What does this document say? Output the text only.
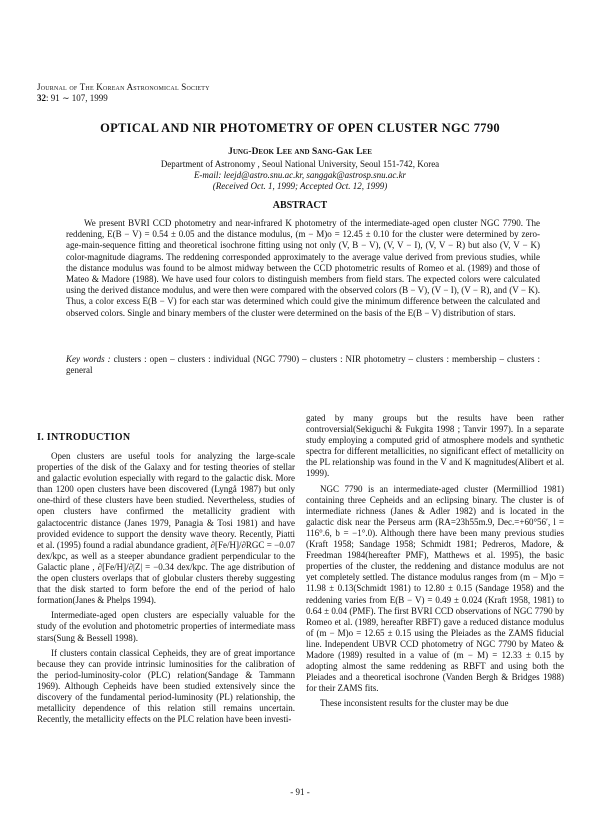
Journal of The Korean Astronomical Society
32: 91 ∼ 107, 1999
OPTICAL AND NIR PHOTOMETRY OF OPEN CLUSTER NGC 7790
Jung-Deok Lee and Sang-Gak Lee
Department of Astronomy , Seoul National University, Seoul 151-742, Korea
E-mail: leejd@astro.snu.ac.kr, sanggak@astrosp.snu.ac.kr
(Received Oct. 1, 1999; Accepted Oct. 12, 1999)
ABSTRACT

We present BVRI CCD photometry and near-infrared K photometry of the intermediate-aged open cluster NGC 7790. The reddening, E(B − V) = 0.54 ± 0.05 and the distance modulus, (m − M)o = 12.45 ± 0.10 for the cluster were determined by zero-age-main-sequence fitting and theoretical isochrone fitting using not only (V, B − V), (V, V − I), (V, V − R) but also (V, V − K) color-magnitude diagrams. The reddening corresponded approximately to the average value derived from previous studies, while the distance modulus was found to be almost midway between the CCD photometric results of Romeo et al. (1989) and those of Mateo & Madore (1988). We have used four colors to distinguish members from field stars. The expected colors were calculated using the derived distance modulus, and were then were compared with the observed colors (B − V), (V − I), (V − R), and (V − K). Thus, a color excess E(B − V) for each star was determined which could give the minimum difference between the calculated and observed colors. Single and binary members of the cluster were determined on the basis of the E(B − V) distribution of stars.

Key words : clusters : open – clusters : individual (NGC 7790) – clusters : NIR photometry – clusters : membership – clusters : general

I. INTRODUCTION

Open clusters are useful tools for analyzing the large-scale properties of the disk of the Galaxy and for testing theories of stellar and galactic evolution especially with regard to the galactic disk. More than 1200 open clusters have been discovered (Lyngå 1987) but only one-third of these clusters have been studied. Nevertheless, studies of open clusters have confirmed the metallicity gradient with galactocentric distance (Janes 1979, Panagia & Tosi 1981) and have provided evidence to support the density wave theory. Recently, Piatti et al. (1995) found a radial abundance gradient, ∂[Fe/H]/∂RGC = −0.07 dex/kpc, as well as a steeper abundance gradient perpendicular to the Galactic plane , ∂[Fe/H]/∂|Z| = −0.34 dex/kpc. The age distribution of the open clusters overlaps that of globular clusters thereby suggesting that the disk started to form before the end of the period of halo formation(Janes & Phelps 1994).

Intermediate-aged open clusters are especially valuable for the study of the evolution and photometric properties of intermediate mass stars(Sung & Bessell 1998).

If clusters contain classical Cepheids, they are of great importance because they can provide intrinsic luminosities for the calibration of the period-luminosity-color (PLC) relation(Sandage & Tammann 1969). Although Cepheids have been studied extensively since the discovery of the fundamental period-luminosity (PL) relationship, the metallicity dependence of this relation still remains uncertain. Recently, the metallicity effects on the PLC relation have been investi-

gated by many groups but the results have been rather controversial(Sekiguchi & Fukgita 1998 ; Tanvir 1997). In a separate study employing a computed grid of atmosphere models and synthetic spectra for different metallicities, no significant effect of metallicity on the PL relationship was found in the V and K magnitudes(Alibert et al. 1999).

NGC 7790 is an intermediate-aged cluster (Mermilliod 1981) containing three Cepheids and an eclipsing binary. The cluster is of intermediate richness (Janes & Adler 1982) and is located in the galactic disk near the Perseus arm (RA=23h55m.9, Dec.=+60°56′, l = 116°.6, b = −1°.0). Although there have been many previous studies (Kraft 1958; Sandage 1958; Schmidt 1981; Pedreros, Madore, & Freedman 1984(hereafter PMF), Matthews et al. 1995), the basic properties of the cluster, the reddening and distance modulus are not yet completely settled. The distance modulus ranges from (m − M)o = 11.98 ± 0.13(Schmidt 1981) to 12.80 ± 0.15 (Sandage 1958) and the reddening varies from E(B − V) = 0.49 ± 0.024 (Kraft 1958, 1981) to 0.64 ± 0.04 (PMF). The first BVRI CCD observations of NGC 7790 by Romeo et al. (1989, hereafter RBFT) gave a reduced distance modulus of (m − M)o = 12.65 ± 0.15 using the Pleiades as the ZAMS fiducial line. Independent UBVR CCD photometry of NGC 7790 by Mateo & Madore (1989) resulted in a value of (m − M) = 12.33 ± 0.15 by adopting almost the same reddening as RBFT and using both the Pleiades and a theoretical isochrone (Vanden Bergh & Bridges 1988) for their ZAMS fits.

These inconsistent results for the cluster may be due

- 91 -
